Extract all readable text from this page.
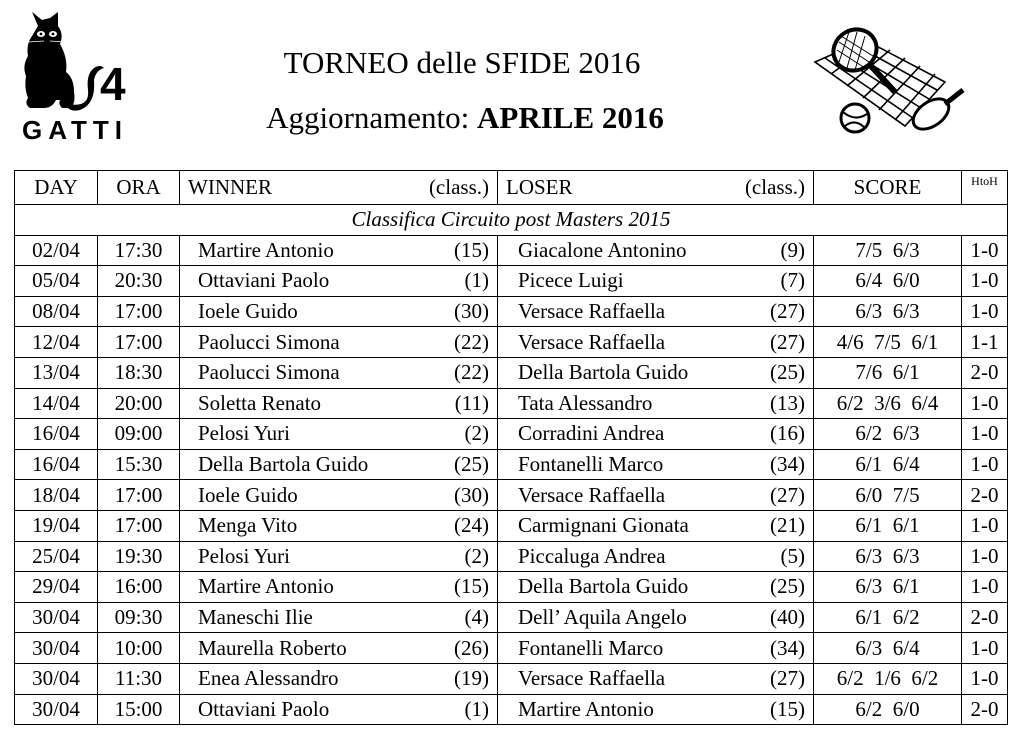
4
GATTI
TORNEO delle SFIDE 2016
Aggiornamento: APRILE 2016
DAY	ORA	WINNER	(class.)	LOSER	(class.)	SCORE	HtoH
Classifica Circuito post Masters 2015							
02/04	17:30	Martire Antonio	(15)	Giacalone Antonino	(9)	7/5  6/3	1-0
05/04	20:30	Ottaviani Paolo	(1)	Picece Luigi	(7)	6/4  6/0	1-0
08/04	17:00	Ioele Guido	(30)	Versace Raffaella	(27)	6/3  6/3	1-0
12/04	17:00	Paolucci Simona	(22)	Versace Raffaella	(27)	4/6  7/5  6/1	1-1
13/04	18:30	Paolucci Simona	(22)	Della Bartola Guido	(25)	7/6  6/1	2-0
14/04	20:00	Soletta Renato	(11)	Tata Alessandro	(13)	6/2  3/6  6/4	1-0
16/04	09:00	Pelosi Yuri	(2)	Corradini Andrea	(16)	6/2  6/3	1-0
16/04	15:30	Della Bartola Guido	(25)	Fontanelli Marco	(34)	6/1  6/4	1-0
18/04	17:00	Ioele Guido	(30)	Versace Raffaella	(27)	6/0  7/5	2-0
19/04	17:00	Menga Vito	(24)	Carmignani Gionata	(21)	6/1  6/1	1-0
25/04	19:30	Pelosi Yuri	(2)	Piccaluga Andrea	(5)	6/3  6/3	1-0
29/04	16:00	Martire Antonio	(15)	Della Bartola Guido	(25)	6/3  6/1	1-0
30/04	09:30	Maneschi Ilie	(4)	Dell’ Aquila Angelo	(40)	6/1  6/2	2-0
30/04	10:00	Maurella Roberto	(26)	Fontanelli Marco	(34)	6/3  6/4	1-0
30/04	11:30	Enea Alessandro	(19)	Versace Raffaella	(27)	6/2  1/6  6/2	1-0
30/04	15:00	Ottaviani Paolo	(1)	Martire Antonio	(15)	6/2  6/0	2-0
